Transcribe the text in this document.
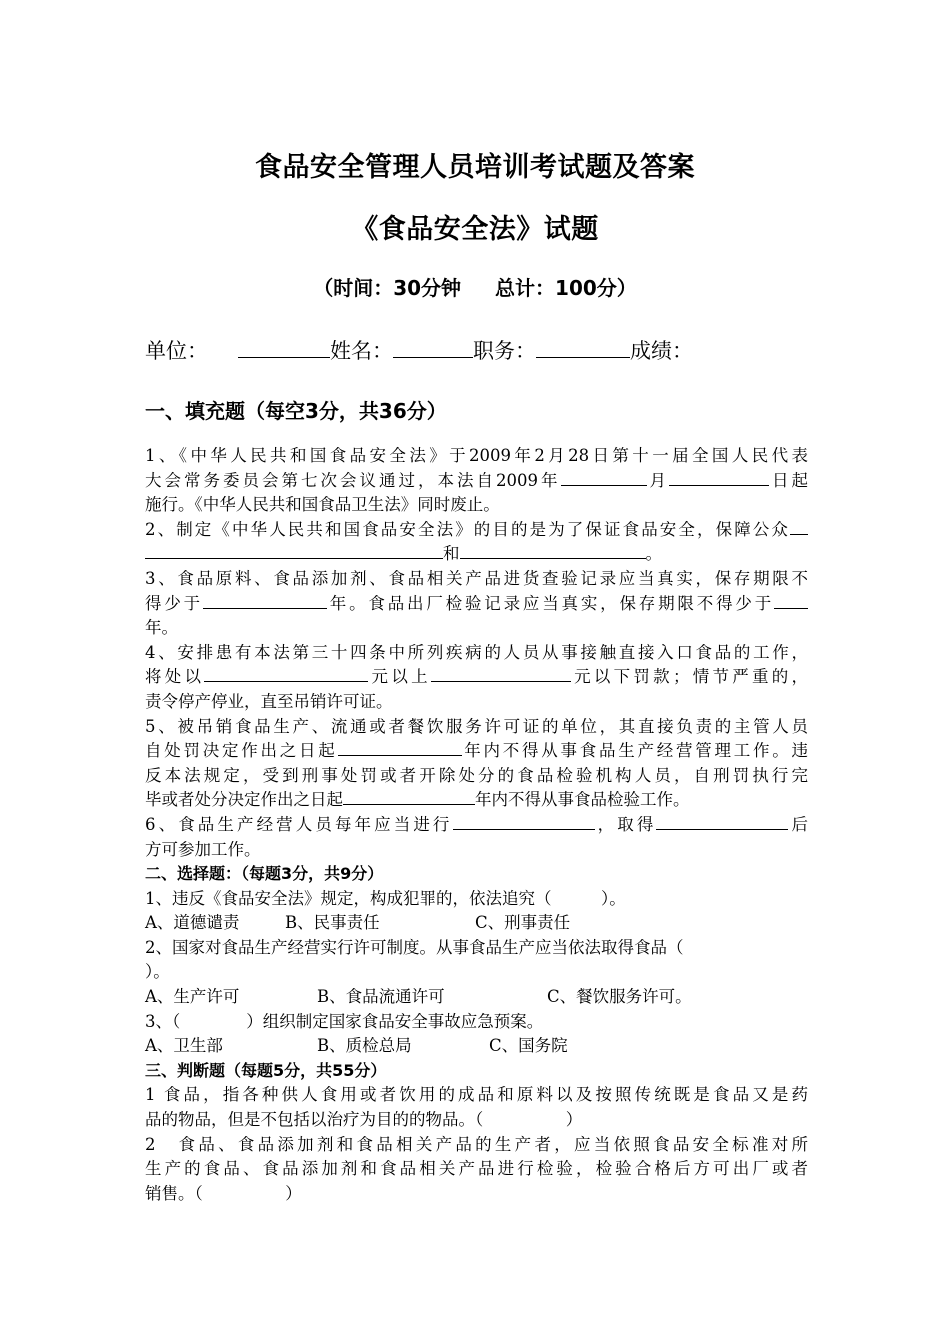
食品安全管理人员培训考试题及答案
《食品安全法》试题
（时间：30分钟 总计：100分）
单位：	姓名：	职务：	成绩：
一、填充题（每空3分，共36分）
1、《中华人民共和国食品安全法》于2009年2月28日第十一届全国人民代表
大会常务委员会第七次会议通过，本法自2009年	月	日起
施行。《中华人民共和国食品卫生法》同时废止。
2、制定《中华人民共和国食品安全法》的目的是为了保证食品安全，保障公众
和	。
3、食品原料、食品添加剂、食品相关产品进货查验记录应当真实，保存期限不
得少于	年。食品出厂检验记录应当真实，保存期限不得少于
年。
4、安排患有本法第三十四条中所列疾病的人员从事接触直接入口食品的工作，
将处以	元以上	元以下罚款；情节严重的，
责令停产停业，直至吊销许可证。
5、被吊销食品生产、流通或者餐饮服务许可证的单位，其直接负责的主管人员
自处罚决定作出之日起	年内不得从事食品生产经营管理工作。违
反本法规定，受到刑事处罚或者开除处分的食品检验机构人员，自刑罚执行完
毕或者处分决定作出之日起	年内不得从事食品检验工作。
6、食品生产经营人员每年应当进行	，取得	后
方可参加工作。
二、选择题：（每题3分，共9分）
1、违反《食品安全法》规定，构成犯罪的，依法追究（　　　）。
A、道德谴责	B、民事责任	C、刑事责任
2、国家对食品生产经营实行许可制度。从事食品生产应当依法取得食品（
）。
A、生产许可	B、食品流通许可	C、餐饮服务许可。
3、（　　　　）组织制定国家食品安全事故应急预案。
A、卫生部	B、质检总局	C、国务院
三、判断题（每题5分，共55分）
1 食品，指各种供人食用或者饮用的成品和原料以及按照传统既是食品又是药
品的物品，但是不包括以治疗为目的的物品。（　　　　　）
2　食品、食品添加剂和食品相关产品的生产者，应当依照食品安全标准对所
生产的食品、食品添加剂和食品相关产品进行检验，检验合格后方可出厂或者
销售。（　　　　　）
